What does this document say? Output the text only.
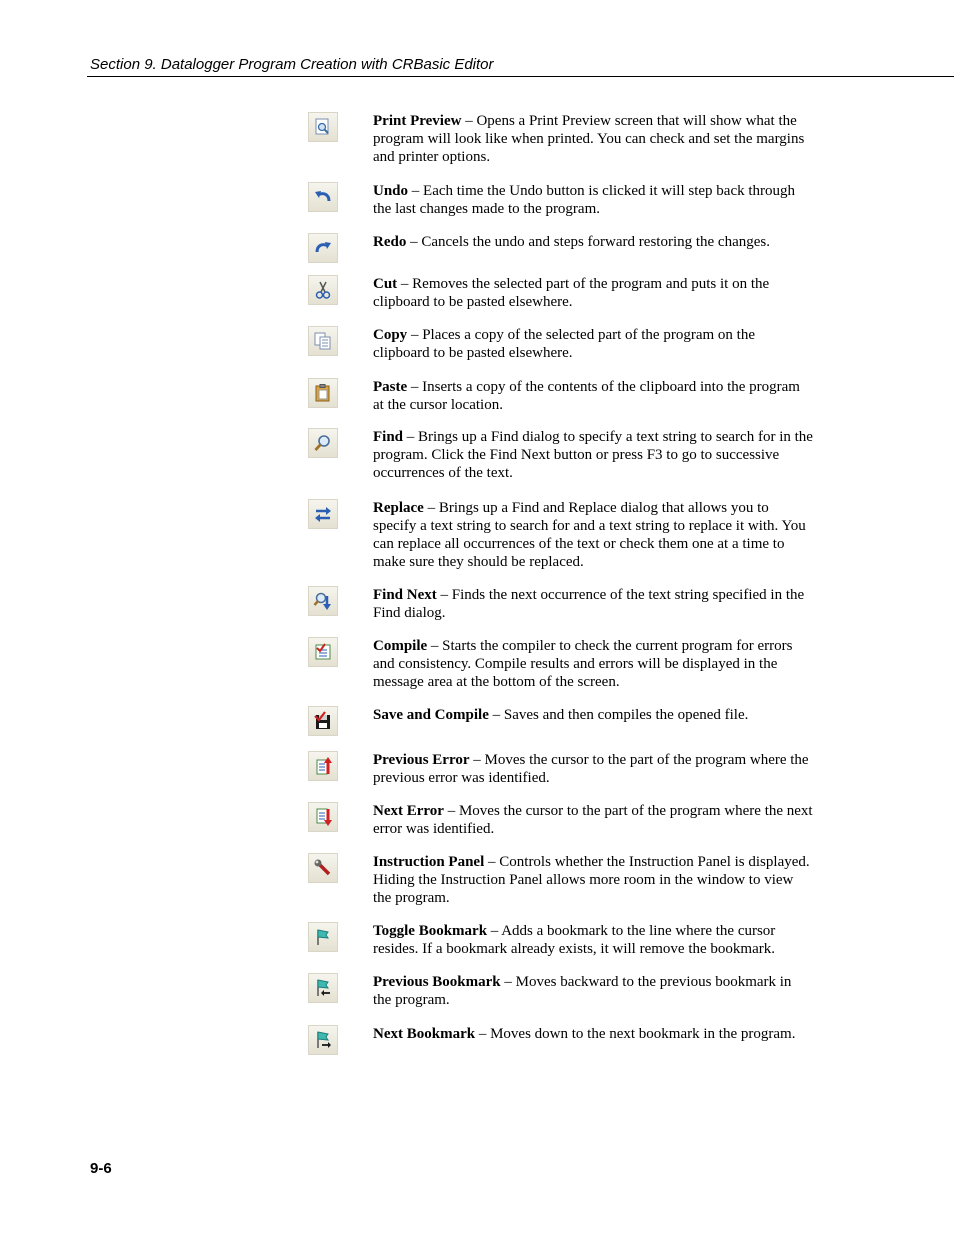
Section 9. Datalogger Program Creation with CRBasic Editor
Print Preview – Opens a Print Preview screen that will show what the program will look like when printed. You can check and set the margins and printer options.
Undo – Each time the Undo button is clicked it will step back through the last changes made to the program.
Redo – Cancels the undo and steps forward restoring the changes.
Cut – Removes the selected part of the program and puts it on the clipboard to be pasted elsewhere.
Copy – Places a copy of the selected part of the program on the clipboard to be pasted elsewhere.
Paste – Inserts a copy of the contents of the clipboard into the program at the cursor location.
Find – Brings up a Find dialog to specify a text string to search for in the program. Click the Find Next button or press F3 to go to successive occurrences of the text.
Replace – Brings up a Find and Replace dialog that allows you to specify a text string to search for and a text string to replace it with. You can replace all occurrences of the text or check them one at a time to make sure they should be replaced.
Find Next – Finds the next occurrence of the text string specified in the Find dialog.
Compile – Starts the compiler to check the current program for errors and consistency. Compile results and errors will be displayed in the message area at the bottom of the screen.
Save and Compile – Saves and then compiles the opened file.
Previous Error – Moves the cursor to the part of the program where the previous error was identified.
Next Error – Moves the cursor to the part of the program where the next error was identified.
Instruction Panel – Controls whether the Instruction Panel is displayed. Hiding the Instruction Panel allows more room in the window to view the program.
Toggle Bookmark – Adds a bookmark to the line where the cursor resides. If a bookmark already exists, it will remove the bookmark.
Previous Bookmark – Moves backward to the previous bookmark in the program.
Next Bookmark – Moves down to the next bookmark in the program.
9-6
